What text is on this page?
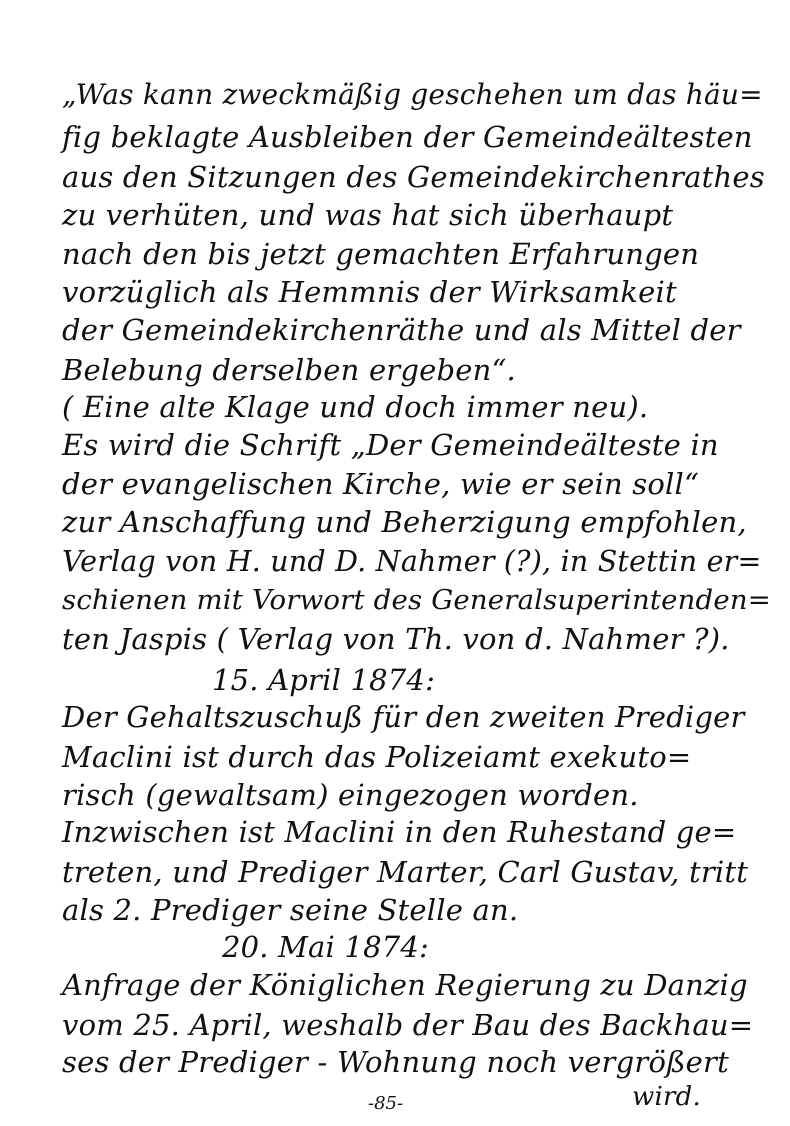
„Was kann zweckmäßig geschehen um das häu=
fig beklagte Ausbleiben der Gemeindeältesten
aus den Sitzungen des Gemeindekirchenrathes
zu verhüten, und was hat sich überhaupt
nach den bis jetzt gemachten Erfahrungen
vorzüglich als Hemmnis der Wirksamkeit
der Gemeindekirchenräthe und als Mittel der
Belebung derselben ergeben“.
( Eine alte Klage und doch immer neu).
Es wird die Schrift „Der Gemeindeälteste in
der evangelischen Kirche, wie er sein soll“
zur Anschaffung und Beherzigung empfohlen,
Verlag von H. und D. Nahmer (?), in Stettin er=
schienen mit Vorwort des Generalsuperintenden=
ten Jaspis ( Verlag von Th. von d. Nahmer ?).
15. April 1874:
Der Gehaltszuschuß für den zweiten Prediger
Maclini ist durch das Polizeiamt exekuto=
risch (gewaltsam) eingezogen worden.
Inzwischen ist Maclini in den Ruhestand ge=
treten, und Prediger Marter, Carl Gustav, tritt
als 2. Prediger seine Stelle an.
20. Mai 1874:
Anfrage der Königlichen Regierung zu Danzig
vom 25. April, weshalb der Bau des Backhau=
ses der Prediger - Wohnung noch vergrößert
wird.
-85-
